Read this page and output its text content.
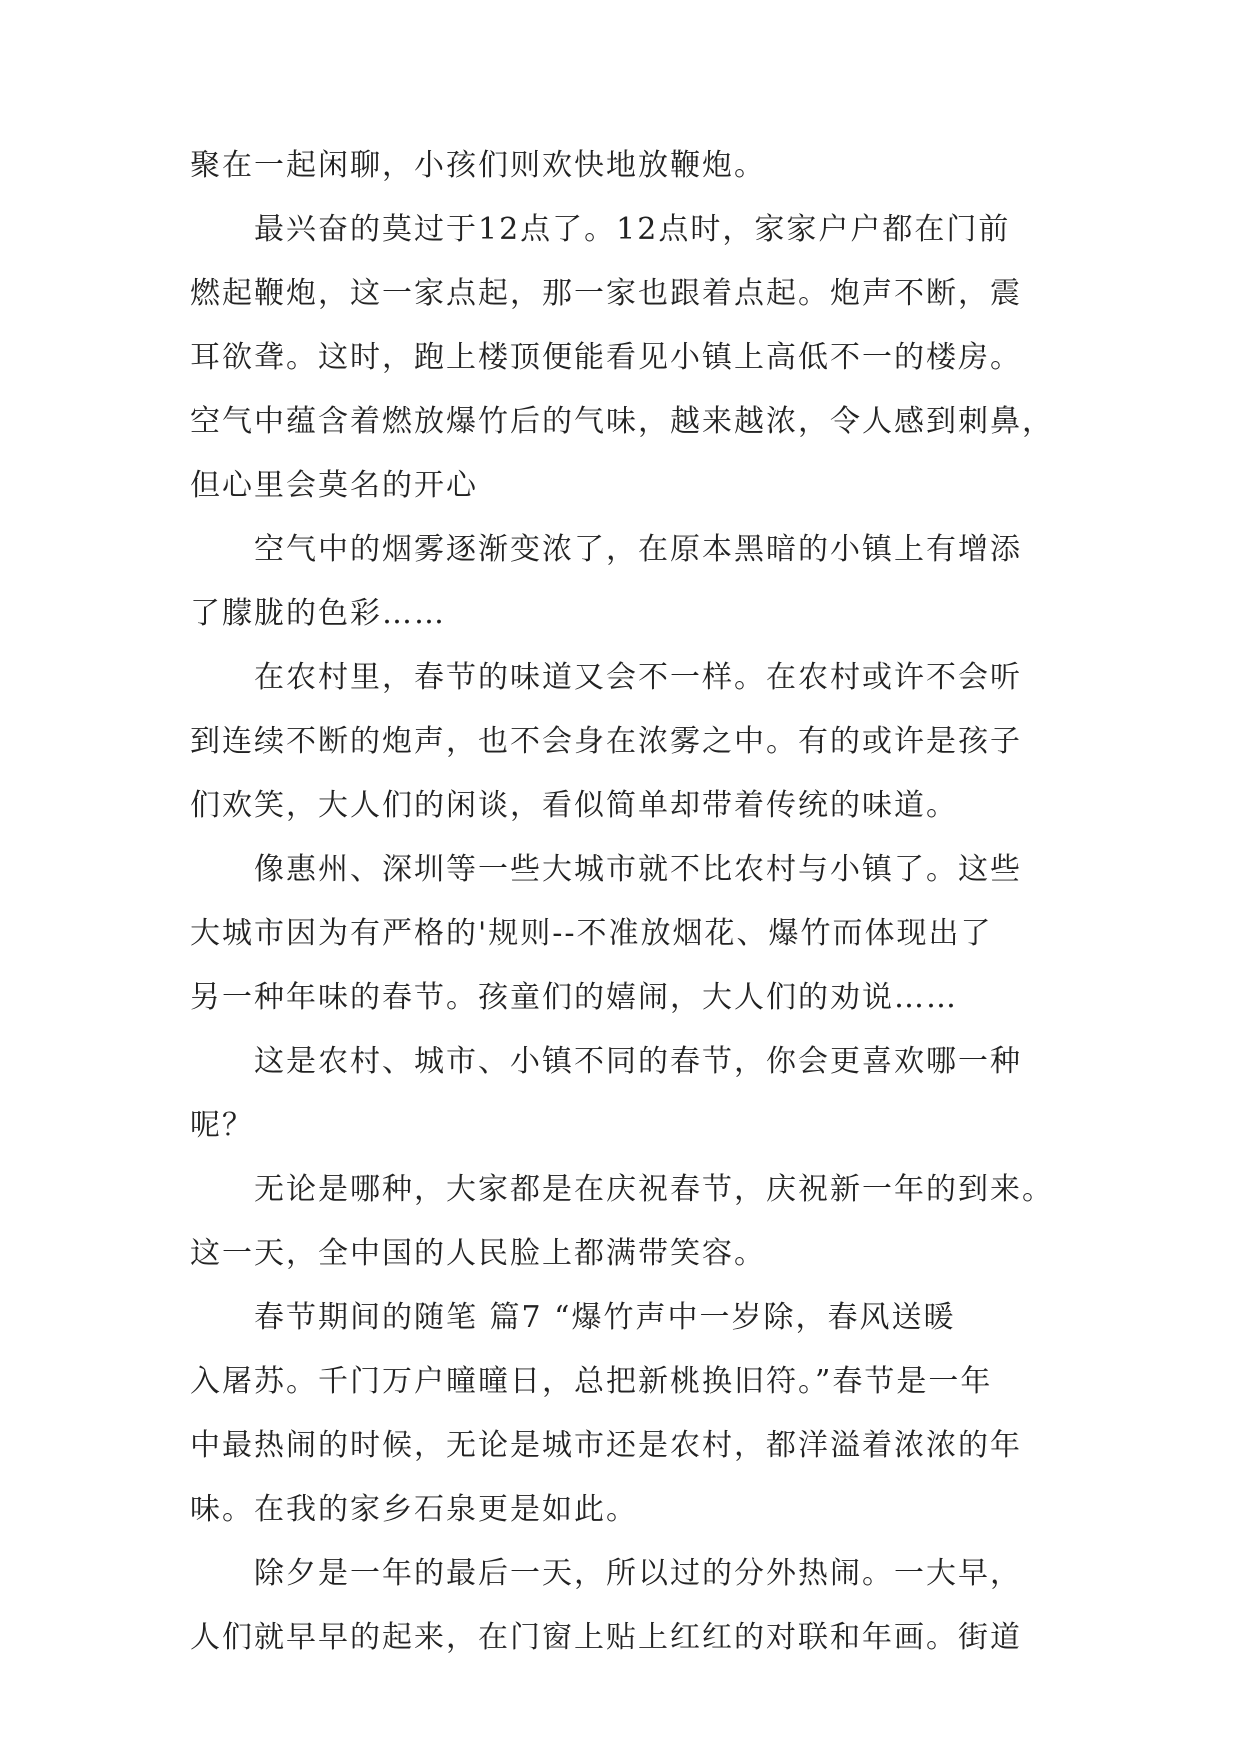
聚在一起闲聊，小孩们则欢快地放鞭炮。
最兴奋的莫过于12点了。12点时，家家户户都在门前
燃起鞭炮，这一家点起，那一家也跟着点起。炮声不断，震
耳欲聋。这时，跑上楼顶便能看见小镇上高低不一的楼房。
空气中蕴含着燃放爆竹后的气味，越来越浓，令人感到刺鼻，
但心里会莫名的开心
空气中的烟雾逐渐变浓了，在原本黑暗的小镇上有增添
了朦胧的色彩……
在农村里，春节的味道又会不一样。在农村或许不会听
到连续不断的炮声，也不会身在浓雾之中。有的或许是孩子
们欢笑，大人们的闲谈，看似简单却带着传统的味道。
像惠州、深圳等一些大城市就不比农村与小镇了。这些
大城市因为有严格的'规则--不准放烟花、爆竹而体现出了
另一种年味的春节。孩童们的嬉闹，大人们的劝说……
这是农村、城市、小镇不同的春节，你会更喜欢哪一种
呢？
无论是哪种，大家都是在庆祝春节，庆祝新一年的到来。
这一天，全中国的人民脸上都满带笑容。
春节期间的随笔 篇7 “爆竹声中一岁除，春风送暖
入屠苏。千门万户曈曈日，总把新桃换旧符。”春节是一年
中最热闹的时候，无论是城市还是农村，都洋溢着浓浓的年
味。在我的家乡石泉更是如此。
除夕是一年的最后一天，所以过的分外热闹。一大早，
人们就早早的起来，在门窗上贴上红红的对联和年画。街道
